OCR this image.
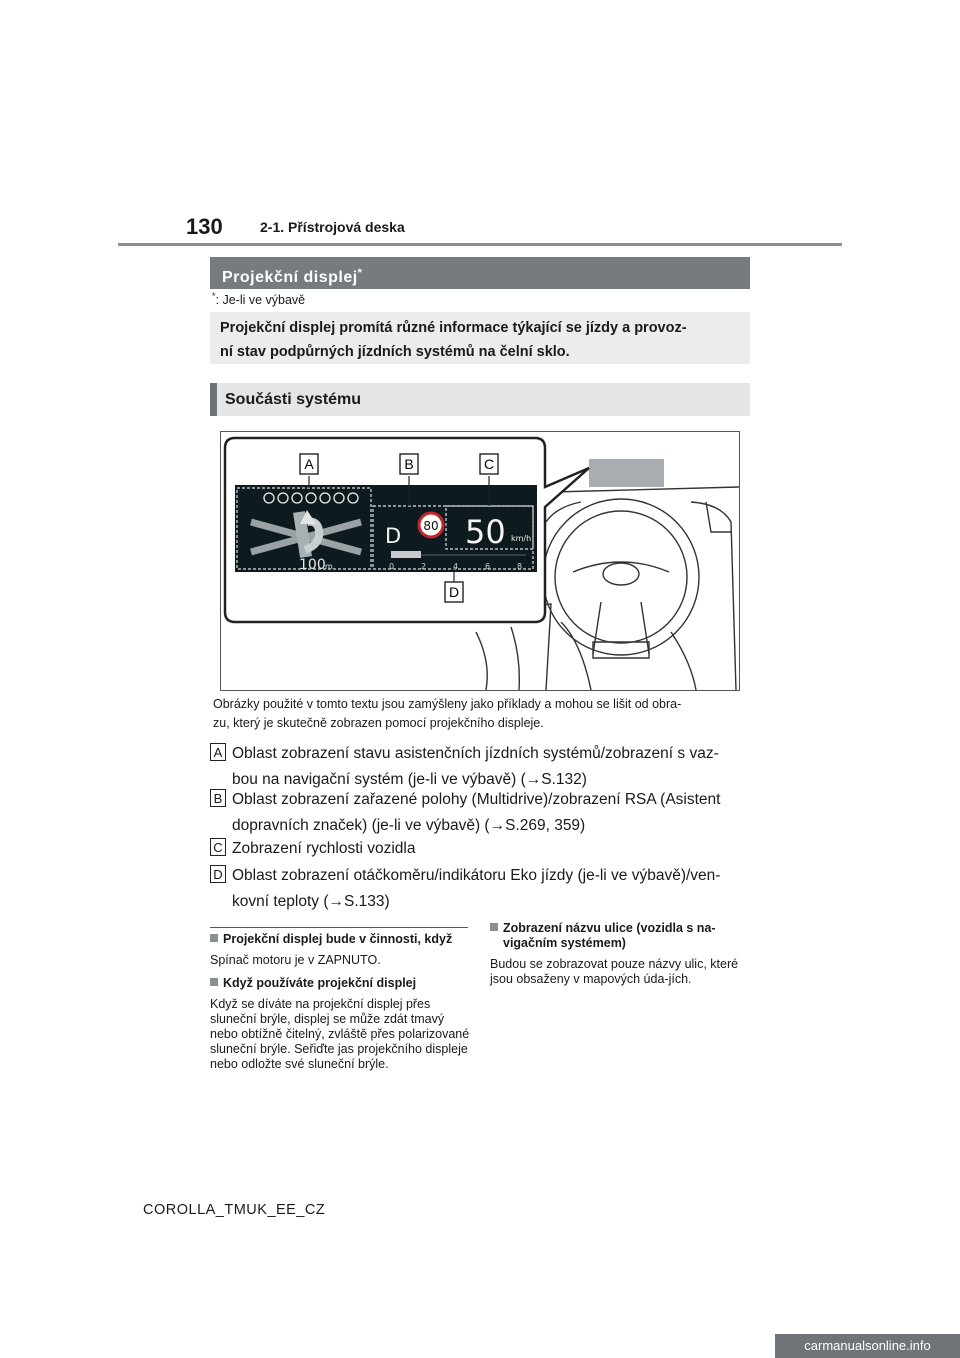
130	2-1. Přístrojová deska
Projekční displej*
*: Je-li ve výbavě
Projekční displej promítá různé informace týkající se jízdy a provoz-
ní stav podpůrných jízdních systémů na čelní sklo.
Součásti systému
100 m
D 80 50 km/h
0	2	4	6	8
A	B	C
D
Obrázky použité v tomto textu jsou zamýšleny jako příklady a mohou se lišit od obra-
zu, který je skutečně zobrazen pomocí projekčního displeje.
A Oblast zobrazení stavu asistenčních jízdních systémů/zobrazení s vaz-
bou na navigační systém (je-li ve výbavě) (→S.132)
B Oblast zobrazení zařazené polohy (Multidrive)/zobrazení RSA (Asistent
dopravních značek) (je-li ve výbavě) (→S.269, 359)
C Zobrazení rychlosti vozidla
D Oblast zobrazení otáčkoměru/indikátoru Eko jízdy (je-li ve výbavě)/ven-
kovní teploty (→S.133)
Projekční displej bude v činnosti, když
Spínač motoru je v ZAPNUTO.
Když používáte projekční displej
Když se díváte na projekční displej přes sluneční brýle, displej se může zdát tmavý nebo obtížně čitelný, zvláště přes polarizované sluneční brýle. Seřiďte jas projekčního displeje nebo odložte své sluneční brýle.
Zobrazení názvu ulice (vozidla s na-vigačním systémem)
Budou se zobrazovat pouze názvy ulic, které jsou obsaženy v mapových úda-jích.
COROLLA_TMUK_EE_CZ
carmanualsonline.info
